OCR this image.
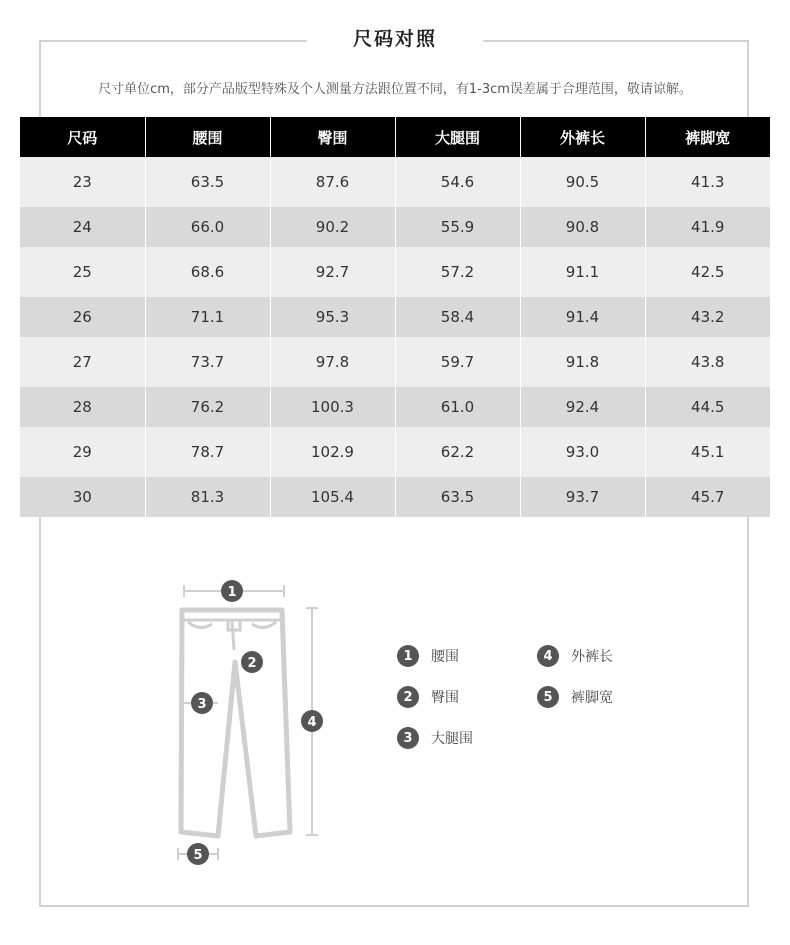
尺码对照
尺寸单位cm，部分产品版型特殊及个人测量方法跟位置不同，有1-3cm误差属于合理范围，敬请谅解。
尺码	腰围	臀围	大腿围	外裤长	裤脚宽
23	63.5	87.6	54.6	90.5	41.3
24	66.0	90.2	55.9	90.8	41.9
25	68.6	92.7	57.2	91.1	42.5
26	71.1	95.3	58.4	91.4	43.2
27	73.7	97.8	59.7	91.8	43.8
28	76.2	100.3	61.0	92.4	44.5
29	78.7	102.9	62.2	93.0	45.1
30	81.3	105.4	63.5	93.7	45.7
1
2
3
4
5
1	腰围
2	臀围
3	大腿围
4	外裤长
5	裤脚宽
